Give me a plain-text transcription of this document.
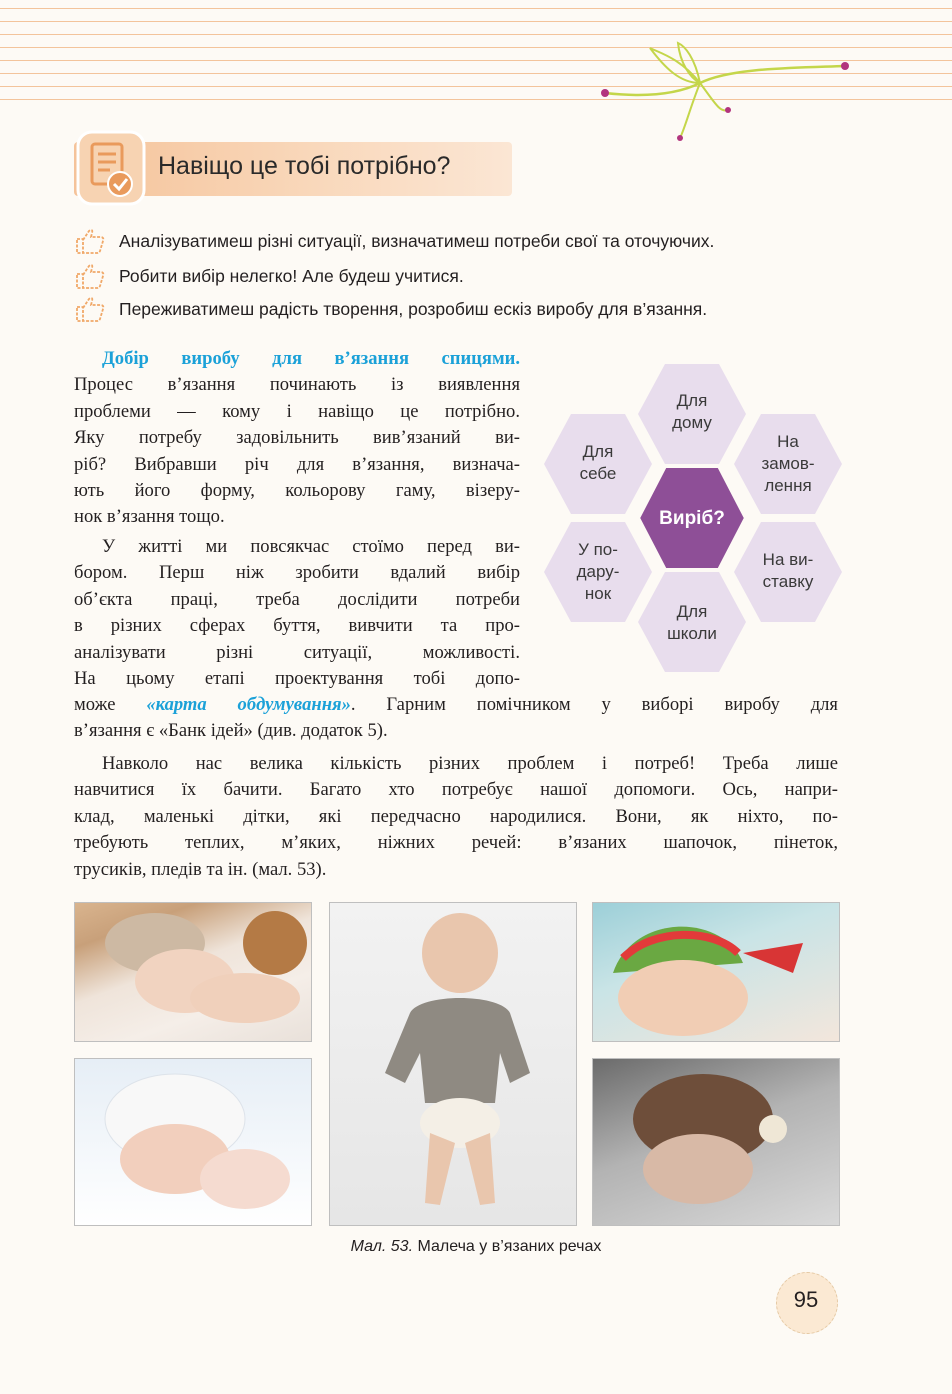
Навіщо це тобі потрібно?
Аналізуватимеш різні ситуації, визначатимеш потреби свої та оточуючих.
Робити вибір нелегко! Але будеш учитися.
Переживатимеш радість творення, розробиш ескіз виробу для в’язання.
Добір виробу для в’язання спицями.
Процес в’язання починають із виявлення
проблеми — кому і навіщо це потрібно.
Яку потребу задовільнить вив’язаний ви-
ріб? Вибравши річ для в’язання, визнача-
ють його форму, кольорову гаму, візеру-
нок в’язання тощо.
У житті ми повсякчас стоїмо перед ви-
бором. Перш ніж зробити вдалий вибір
об’єкта праці, треба дослідити потреби
в різних сферах буття, вивчити та про-
аналізувати різні ситуації, можливості.
На цьому етапі проектування тобі допо-
може «карта обдумування». Гарним помічником у виборі виробу для
в’язання є «Банк ідей» (див. додаток 5).
Навколо нас велика кількість різних проблем і потреб! Треба лише
навчитися їх бачити. Багато хто потребує нашої допомоги. Ось, напри-
клад, маленькі дітки, які передчасно народилися. Вони, як ніхто, по-
требують теплих, м’яких, ніжних речей: в’язаних шапочок, пінеток,
трусиків, пледів та ін. (мал. 53).
Для
дому
Для
себе
На
замов-
лення
У по-
дару-
нок
На ви-
ставку
Для
школи
Виріб?
Мал. 53. Малеча у в’язаних речах
95
